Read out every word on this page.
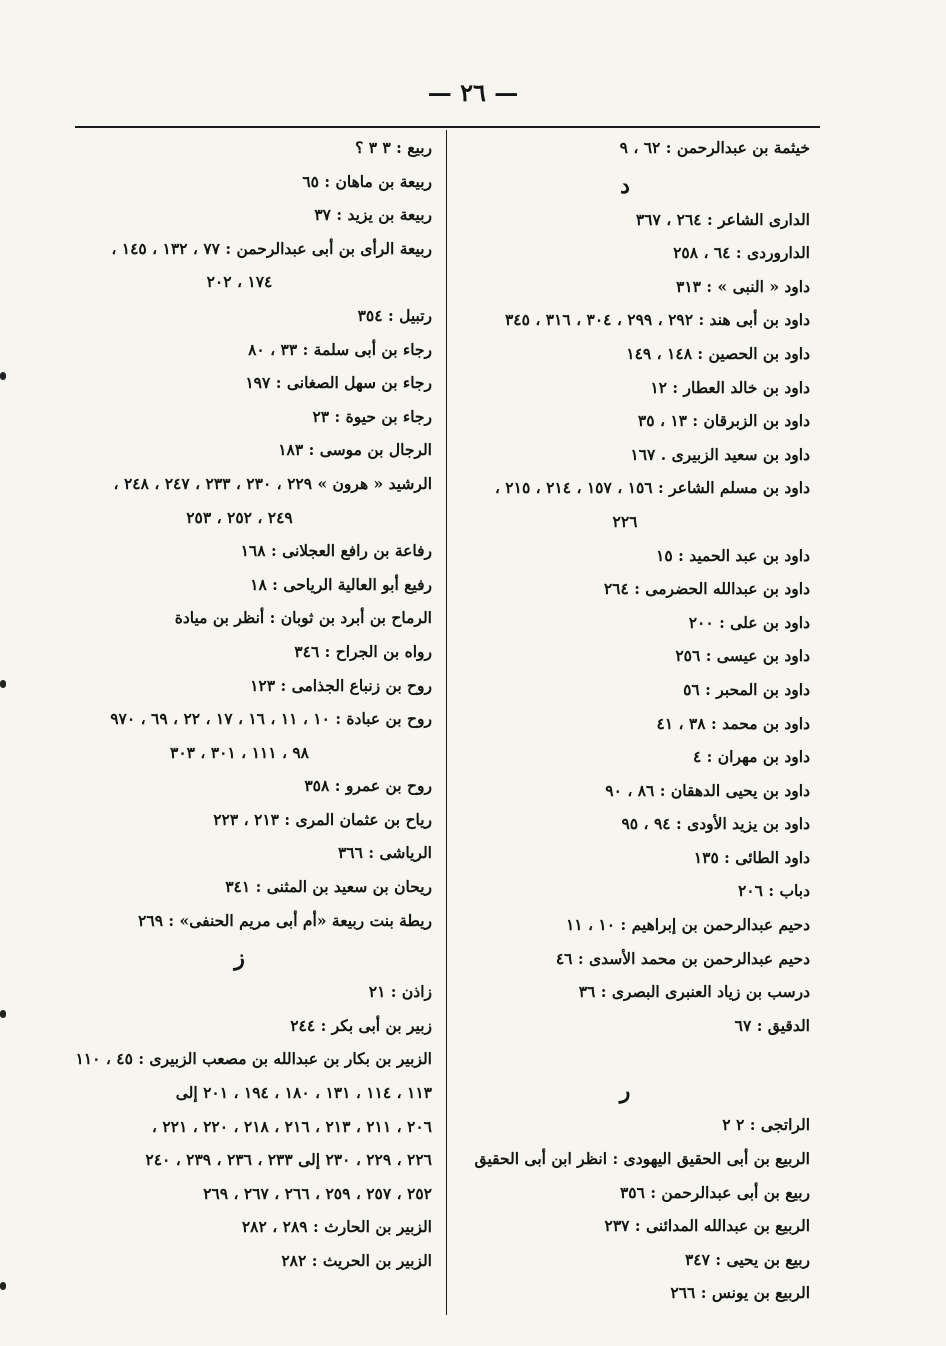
— ٢٦ —
خيثمة بن عبدالرحمن : ٦٢ ، ٩
د
الدارى الشاعر : ٢٦٤ ، ٣٦٧
الداروردى : ٦٤ ، ٢٥٨
داود « النبى » : ٣١٣
داود بن أبى هند : ٢٩٢ ، ٢٩٩ ، ٣٠٤ ، ٣١٦ ، ٣٤٥
داود بن الحصين : ١٤٨ ، ١٤٩
داود بن خالد العطار : ١٢
داود بن الزبرقان : ١٣ ، ٣٥
داود بن سعيد الزبيرى . ١٦٧
داود بن مسلم الشاعر : ١٥٦ ، ١٥٧ ، ٢١٤ ، ٢١٥ ،
٢٢٦
داود بن عبد الحميد : ١٥
داود بن عبدالله الحضرمى : ٢٦٤
داود بن على : ٢٠٠
داود بن عيسى : ٢٥٦
داود بن المحبر : ٥٦
داود بن محمد : ٣٨ ، ٤١
داود بن مهران : ٤
داود بن يحيى الدهقان : ٨٦ ، ٩٠
داود بن يزيد الأودى : ٩٤ ، ٩٥
داود الطائى : ١٣٥
دباب : ٢٠٦
دحيم عبدالرحمن بن إبراهيم : ١٠ ، ١١
دحيم عبدالرحمن بن محمد الأسدى : ٤٦
درسب بن زياد العنبرى البصرى : ٣٦
الدقيق : ٦٧
ر
الراتجى : ٢ ٢
الربيع بن أبى الحقيق اليهودى : انظر ابن أبى الحقيق
ربيع بن أبى عبدالرحمن : ٣٥٦
الربيع بن عبدالله المدائنى : ٢٣٧
ربيع بن يحيى : ٣٤٧
الربيع بن يونس : ٢٦٦
ربيع : ٣ ٣ ؟
ربيعة بن ماهان : ٦٥
ربيعة بن يزيد : ٣٧
ربيعة الرأى بن أبى عبدالرحمن : ٧٧ ، ١٣٢ ، ١٤٥ ،
١٧٤ ، ٢٠٢
رتبيل : ٣٥٤
رجاء بن أبى سلمة : ٣٣ ، ٨٠
رجاء بن سهل الصغانى : ١٩٧
رجاء بن حيوة : ٢٣
الرجال بن موسى : ١٨٣
الرشيد « هرون » ٢٢٩ ، ٢٣٠ ، ٢٣٣ ، ٢٤٧ ، ٢٤٨ ،
٢٤٩ ، ٢٥٢ ، ٢٥٣
رفاعة بن رافع العجلانى : ١٦٨
رفيع أبو العالية الرياحى : ١٨
الرماح بن أبرد بن ثوبان : أنظر بن ميادة
رواه بن الجراح : ٣٤٦
روح بن زنباع الجذامى : ١٢٣
روح بن عبادة : ١٠ ، ١١ ، ١٦ ، ١٧ ، ٢٢ ، ٦٩ ، ٩٧٠
٩٨ ، ١١١ ، ٣٠١ ، ٣٠٣
روح بن عمرو : ٣٥٨
رياح بن عثمان المرى : ٢١٣ ، ٢٢٣
الرياشى : ٣٦٦
ريحان بن سعيد بن المثنى : ٣٤١
ريطة بنت ربيعة «أم أبى مريم الحنفى» : ٢٦٩
ز
زاذن : ٢١
زبير بن أبى بكر : ٢٤٤
الزبير بن بكار بن عبدالله بن مصعب الزبيرى : ٤٥ ، ١١٠
١١٣ ، ١١٤ ، ١٣١ ، ١٨٠ ، ١٩٤ ، ٢٠١ إلى
٢٠٦ ، ٢١١ ، ٢١٣ ، ٢١٦ ، ٢١٨ ، ٢٢٠ ، ٢٢١ ،
٢٢٦ ، ٢٢٩ ، ٢٣٠ إلى ٢٣٣ ، ٢٣٦ ، ٢٣٩ ، ٢٤٠
٢٥٢ ، ٢٥٧ ، ٢٥٩ ، ٢٦٦ ، ٢٦٧ ، ٢٦٩
الزبير بن الحارث : ٢٨٩ ، ٢٨٢
الزبير بن الحريث : ٢٨٢
